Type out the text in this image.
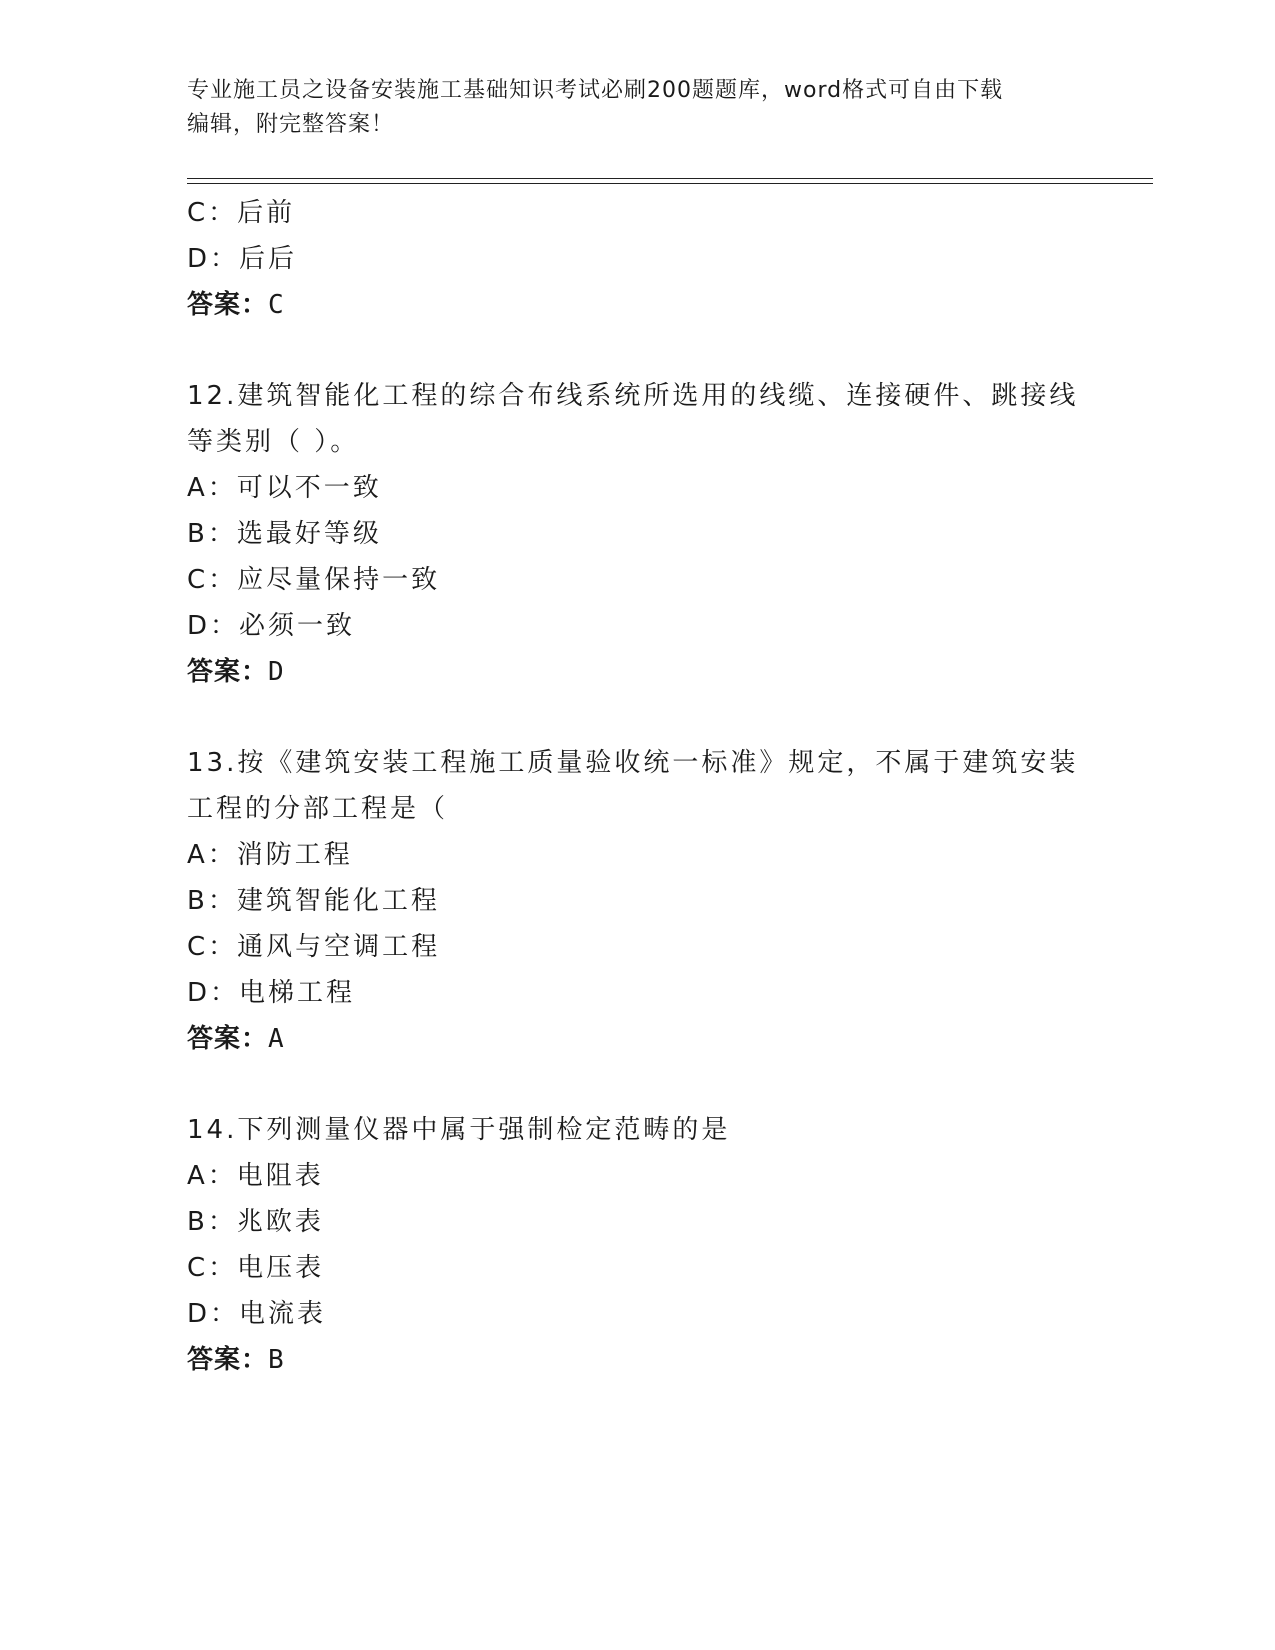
专业施工员之设备安装施工基础知识考试必刷200题题库，word格式可自由下载
编辑，附完整答案！
C：后前
D：后后
答案：C
12.建筑智能化工程的综合布线系统所选用的线缆、连接硬件、跳接线
等类别（ ）。
A：可以不一致
B：选最好等级
C：应尽量保持一致
D：必须一致
答案：D
13.按《建筑安装工程施工质量验收统一标准》规定，不属于建筑安装
工程的分部工程是（
A：消防工程
B：建筑智能化工程
C：通风与空调工程
D：电梯工程
答案：A
14.下列测量仪器中属于强制检定范畴的是
A：电阻表
B：兆欧表
C：电压表
D：电流表
答案：B
